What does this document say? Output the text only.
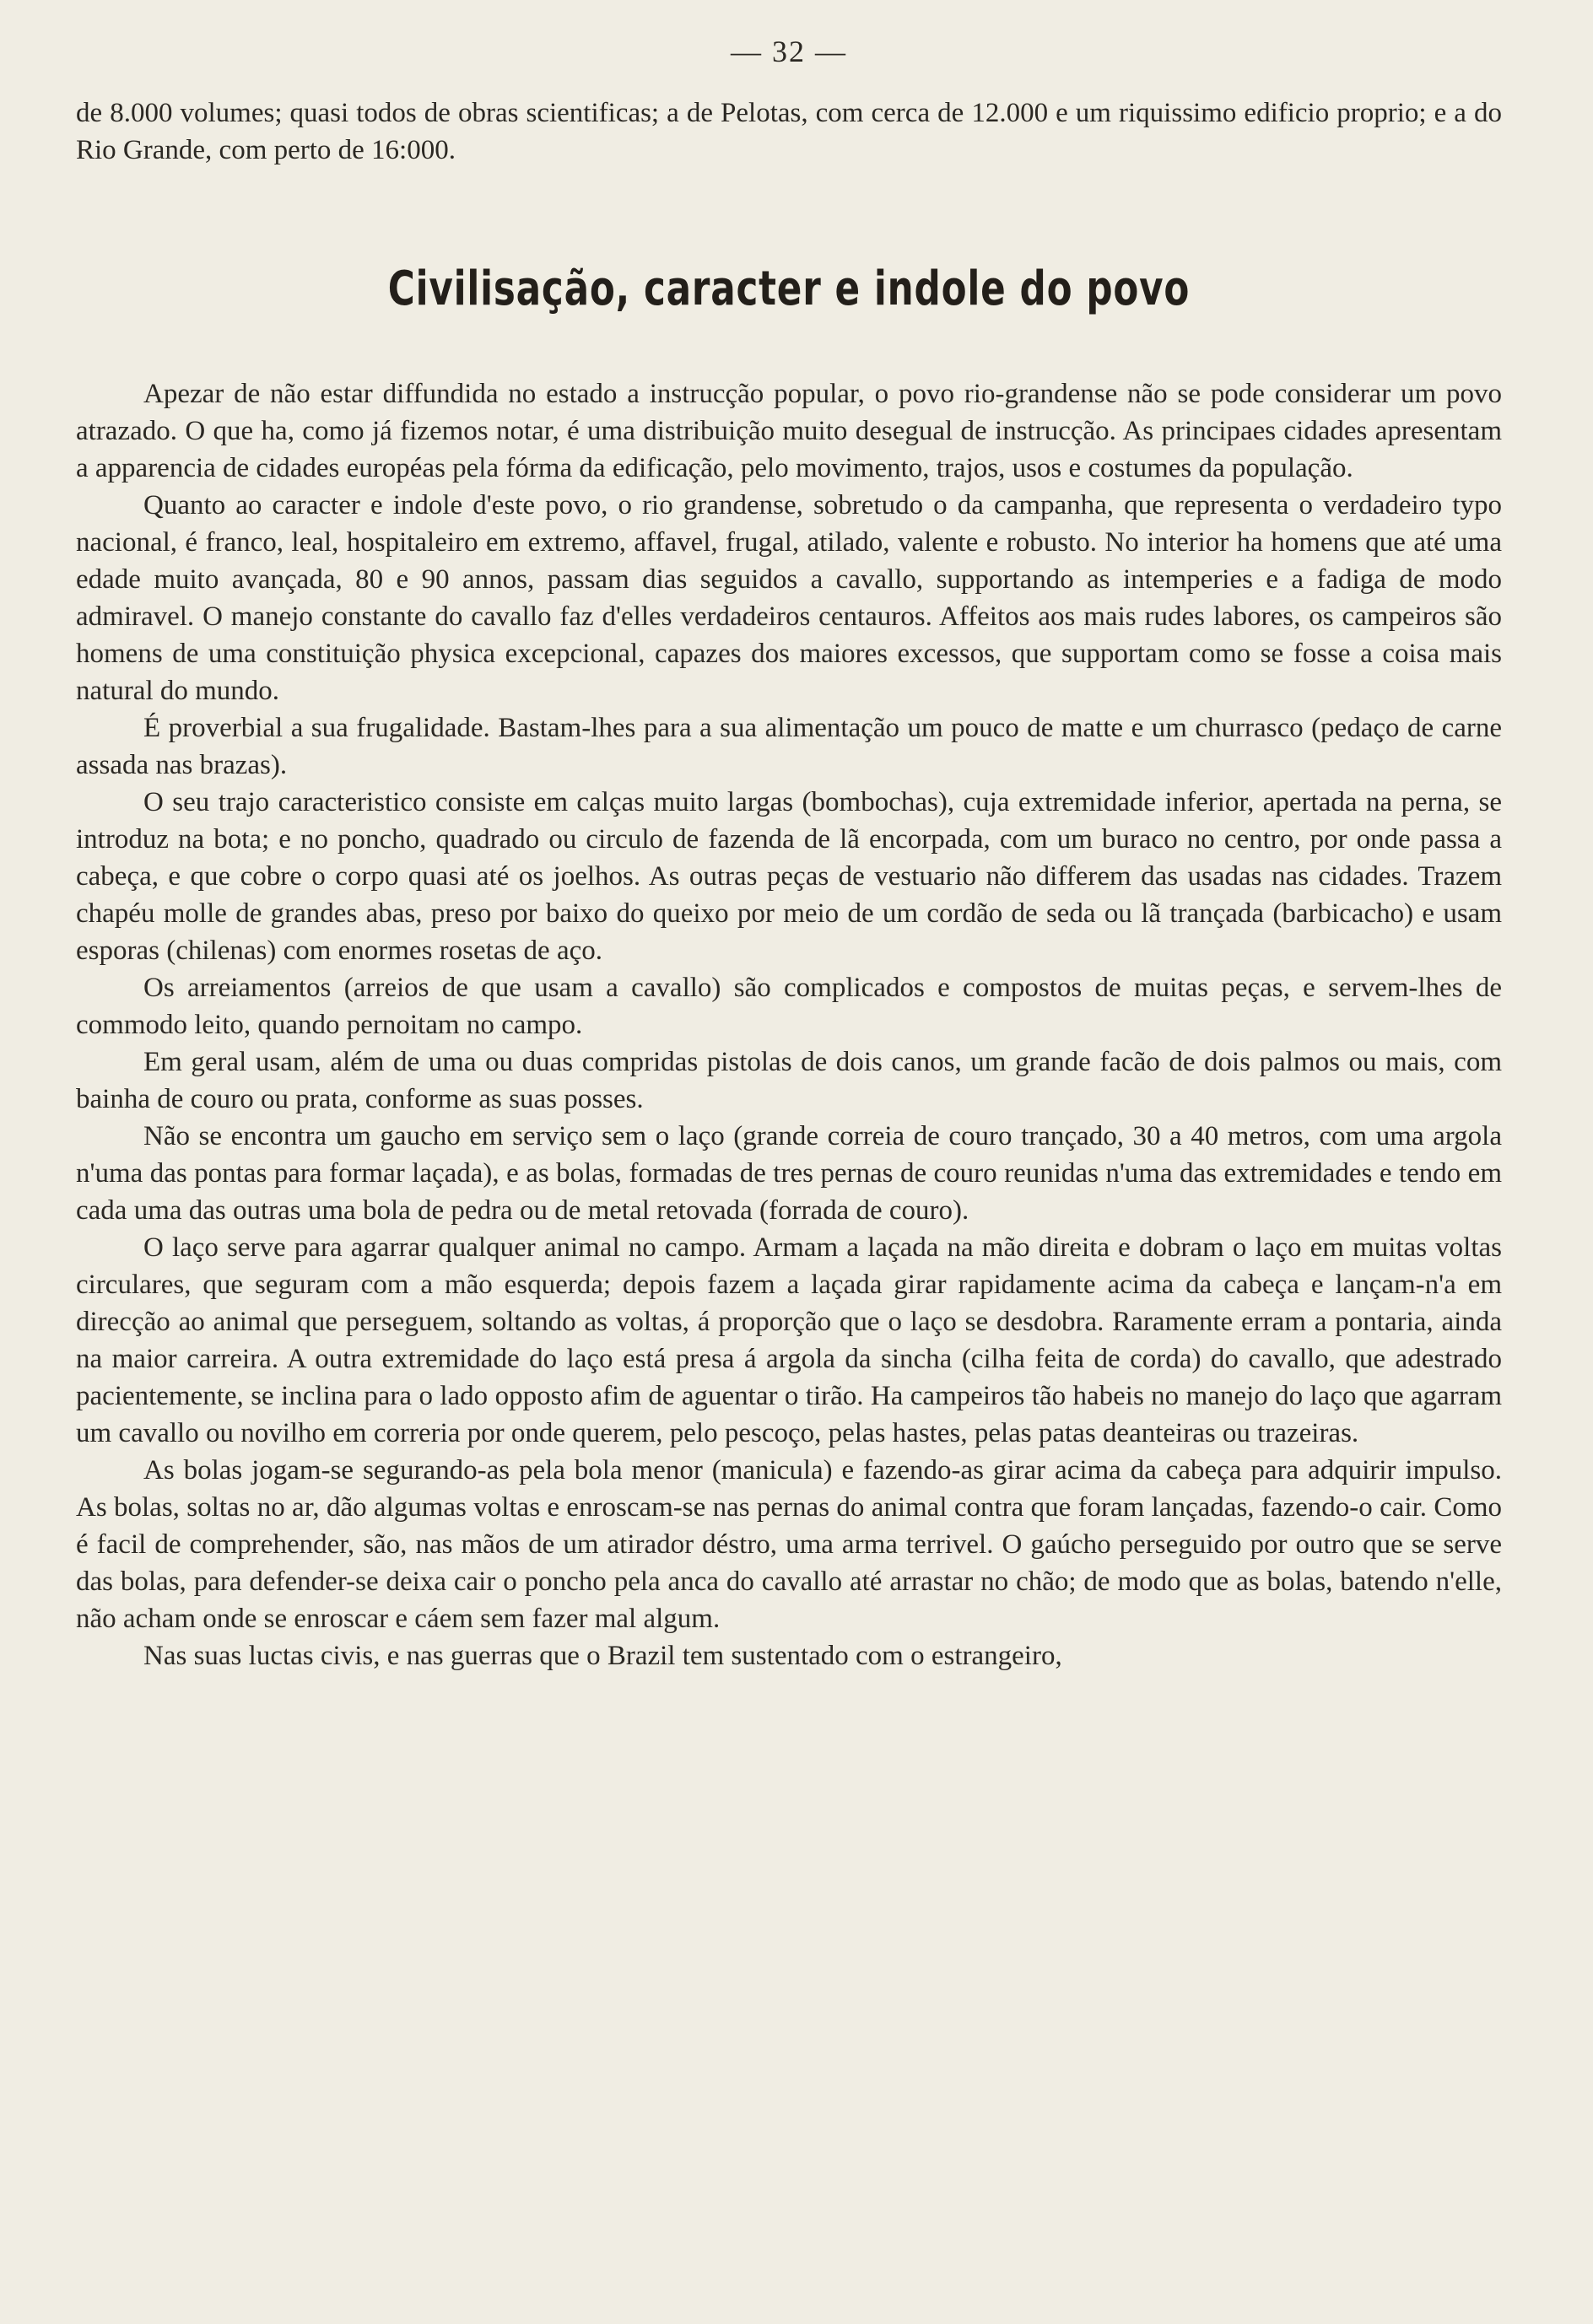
— 32 —

de 8.000 volumes; quasi todos de obras scientificas; a de Pelotas, com cerca de 12.000 e um riquissimo edificio proprio; e a do Rio Grande, com perto de 16:000.

Civilisação, caracter e indole do povo

Apezar de não estar diffundida no estado a instrucção popular, o povo rio-grandense não se pode considerar um povo atrazado. O que ha, como já fizemos notar, é uma distribuição muito desegual de instrucção. As principaes cidades apresentam a apparencia de cidades européas pela fórma da edificação, pelo movimento, trajos, usos e costumes da população.

Quanto ao caracter e indole d'este povo, o rio grandense, sobretudo o da campanha, que representa o verdadeiro typo nacional, é franco, leal, hospitaleiro em extremo, affavel, frugal, atilado, valente e robusto. No interior ha homens que até uma edade muito avançada, 80 e 90 annos, passam dias seguidos a cavallo, supportando as intemperies e a fadiga de modo admiravel. O manejo constante do cavallo faz d'elles verdadeiros centauros. Affeitos aos mais rudes labores, os campeiros são homens de uma constituição physica excepcional, capazes dos maiores excessos, que supportam como se fosse a coisa mais natural do mundo.

É proverbial a sua frugalidade. Bastam-lhes para a sua alimentação um pouco de matte e um churrasco (pedaço de carne assada nas brazas).

O seu trajo caracteristico consiste em calças muito largas (bombochas), cuja extremidade inferior, apertada na perna, se introduz na bota; e no poncho, quadrado ou circulo de fazenda de lã encorpada, com um buraco no centro, por onde passa a cabeça, e que cobre o corpo quasi até os joelhos. As outras peças de vestuario não differem das usadas nas cidades. Trazem chapéu molle de grandes abas, preso por baixo do queixo por meio de um cordão de seda ou lã trançada (barbicacho) e usam esporas (chilenas) com enormes rosetas de aço.

Os arreiamentos (arreios de que usam a cavallo) são complicados e compostos de muitas peças, e servem-lhes de commodo leito, quando pernoitam no campo.

Em geral usam, além de uma ou duas compridas pistolas de dois canos, um grande facão de dois palmos ou mais, com bainha de couro ou prata, conforme as suas posses.

Não se encontra um gaucho em serviço sem o laço (grande correia de couro trançado, 30 a 40 metros, com uma argola n'uma das pontas para formar laçada), e as bolas, formadas de tres pernas de couro reunidas n'uma das extremidades e tendo em cada uma das outras uma bola de pedra ou de metal retovada (forrada de couro).

O laço serve para agarrar qualquer animal no campo. Armam a laçada na mão direita e dobram o laço em muitas voltas circulares, que seguram com a mão esquerda; depois fazem a laçada girar rapidamente acima da cabeça e lançam-n'a em direcção ao animal que perseguem, soltando as voltas, á proporção que o laço se desdobra. Raramente erram a pontaria, ainda na maior carreira. A outra extremidade do laço está presa á argola da sincha (cilha feita de corda) do cavallo, que adestrado pacientemente, se inclina para o lado opposto afim de aguentar o tirão. Ha campeiros tão habeis no manejo do laço que agarram um cavallo ou novilho em correria por onde querem, pelo pescoço, pelas hastes, pelas patas deanteiras ou trazeiras.

As bolas jogam-se segurando-as pela bola menor (manicula) e fazendo-as girar acima da cabeça para adquirir impulso. As bolas, soltas no ar, dão algumas voltas e enroscam-se nas pernas do animal contra que foram lançadas, fazendo-o cair. Como é facil de comprehender, são, nas mãos de um atirador déstro, uma arma terrivel. O gaúcho perseguido por outro que se serve das bolas, para defender-se deixa cair o poncho pela anca do cavallo até arrastar no chão; de modo que as bolas, batendo n'elle, não acham onde se enroscar e cáem sem fazer mal algum.

Nas suas luctas civis, e nas guerras que o Brazil tem sustentado com o estrangeiro,
